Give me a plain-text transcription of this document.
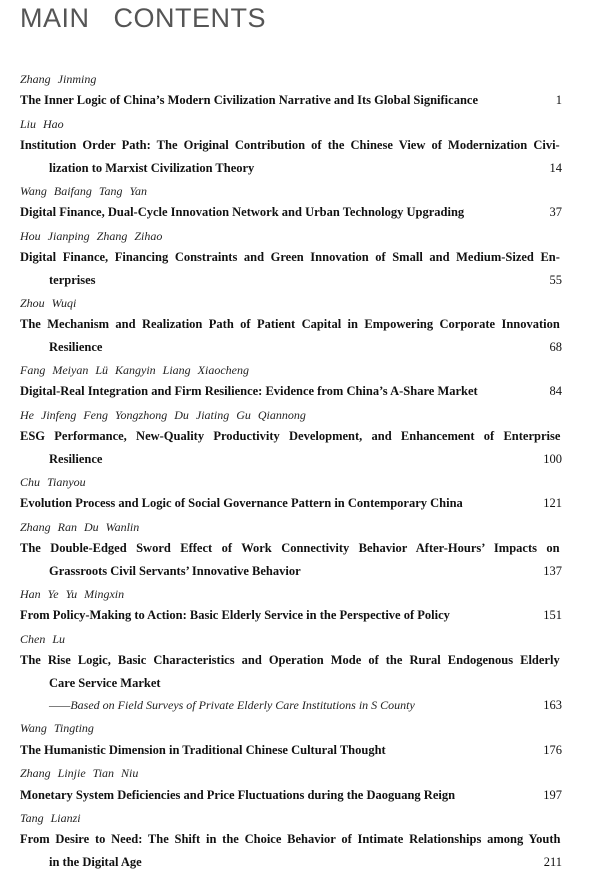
MAIN   CONTENTS
Zhang Jinming
The Inner Logic of China’s Modern Civilization Narrative and Its Global Significance	1
Liu Hao
Institution Order Path: The Original Contribution of the Chinese View of Modernization Civi-
lization to Marxist Civilization Theory	14
Wang Baifang Tang Yan
Digital Finance, Dual-Cycle Innovation Network and Urban Technology Upgrading	37
Hou Jianping Zhang Zihao
Digital Finance, Financing Constraints and Green Innovation of Small and Medium-Sized En-
terprises	55
Zhou Wuqi
The Mechanism and Realization Path of Patient Capital in Empowering Corporate Innovation
Resilience	68
Fang Meiyan Lü Kangyin Liang Xiaocheng
Digital-Real Integration and Firm Resilience: Evidence from China’s A-Share Market	84
He Jinfeng Feng Yongzhong Du Jiating Gu Qiannong
ESG Performance, New-Quality Productivity Development, and Enhancement of Enterprise
Resilience	100
Chu Tianyou
Evolution Process and Logic of Social Governance Pattern in Contemporary China	121
Zhang Ran Du Wanlin
The Double-Edged Sword Effect of Work Connectivity Behavior After-Hours’ Impacts on
Grassroots Civil Servants’ Innovative Behavior	137
Han Ye Yu Mingxin
From Policy-Making to Action: Basic Elderly Service in the Perspective of Policy	151
Chen Lu
The Rise Logic, Basic Characteristics and Operation Mode of the Rural Endogenous Elderly
Care Service Market
——Based on Field Surveys of Private Elderly Care Institutions in S County	163
Wang Tingting
The Humanistic Dimension in Traditional Chinese Cultural Thought	176
Zhang Linjie Tian Niu
Monetary System Deficiencies and Price Fluctuations during the Daoguang Reign	197
Tang Lianzi
From Desire to Need: The Shift in the Choice Behavior of Intimate Relationships among Youth
in the Digital Age	211
